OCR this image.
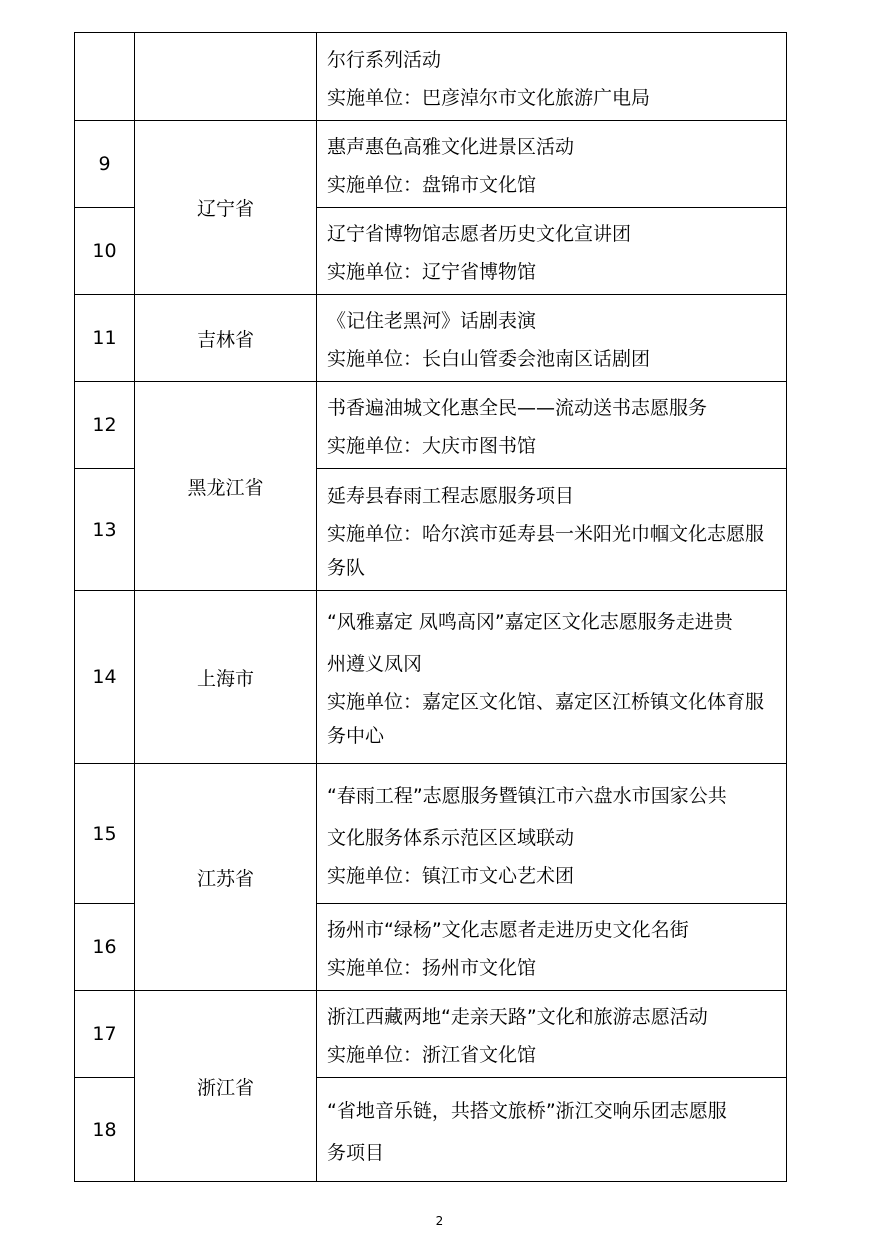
		尔行系列活动
实施单位：巴彦淖尔市文化旅游广电局

9	辽宁省	惠声惠色高雅文化进景区活动
实施单位：盘锦市文化馆

10		辽宁省博物馆志愿者历史文化宣讲团
实施单位：辽宁省博物馆

11	吉林省	《记住老黑河》话剧表演
实施单位：长白山管委会池南区话剧团

12	黑龙江省	书香遍油城文化惠全民——流动送书志愿服务
实施单位：大庆市图书馆

13		延寿县春雨工程志愿服务项目
实施单位：哈尔滨市延寿县一米阳光巾帼文化志愿服务队

14	上海市	“风雅嘉定 凤鸣高冈”嘉定区文化志愿服务走进贵
州遵义凤冈
实施单位：嘉定区文化馆、嘉定区江桥镇文化体育服务中心

15	江苏省	“春雨工程”志愿服务暨镇江市六盘水市国家公共
文化服务体系示范区区域联动
实施单位：镇江市文心艺术团

16		扬州市“绿杨”文化志愿者走进历史文化名街
实施单位：扬州市文化馆

17	浙江省	浙江西藏两地“走亲天路”文化和旅游志愿活动
实施单位：浙江省文化馆

18		“省地音乐链，共搭文旅桥”浙江交响乐团志愿服
务项目
2
